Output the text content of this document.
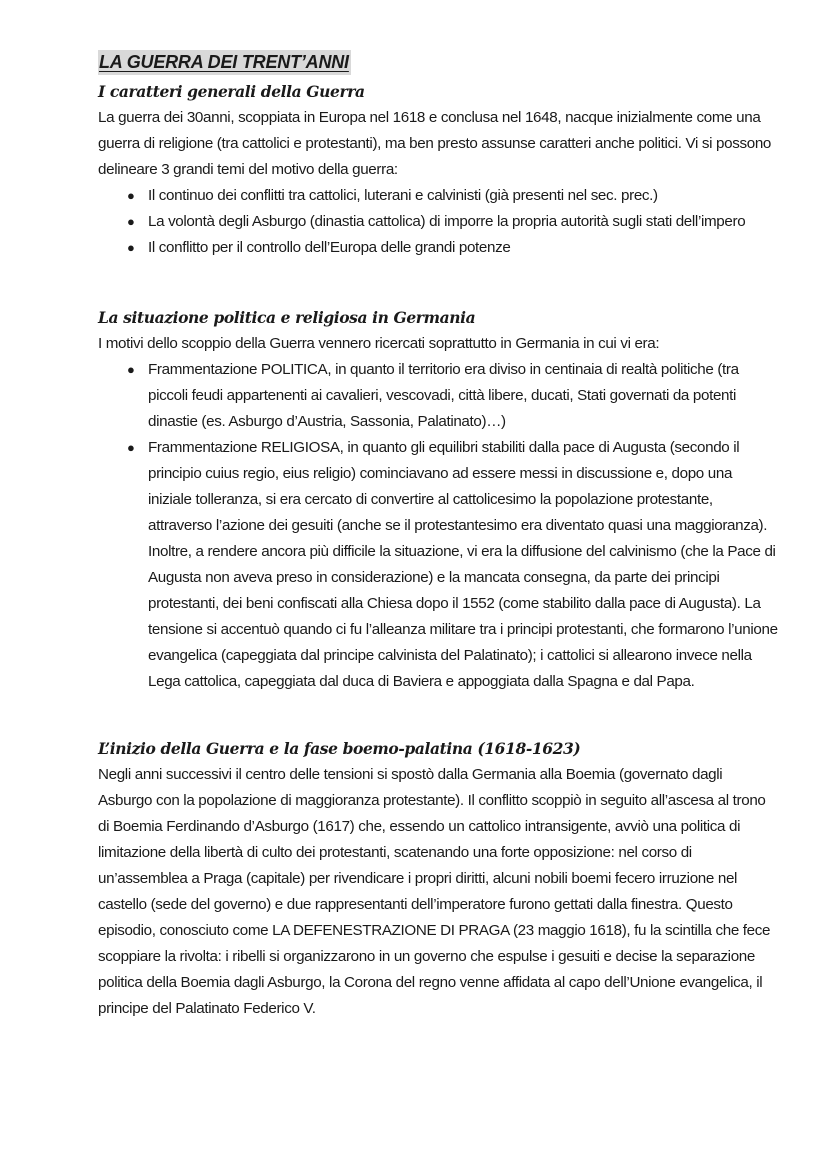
LA GUERRA DEI TRENT’ANNI
I caratteri generali della Guerra

La guerra dei 30anni, scoppiata in Europa nel 1618 e conclusa nel 1648, nacque inizialmente come una guerra di religione (tra cattolici e protestanti), ma ben presto assunse caratteri anche politici. Vi si possono delineare 3 grandi temi del motivo della guerra:

● Il continuo dei conflitti tra cattolici, luterani e calvinisti (già presenti nel sec. prec.)
● La volontà degli Asburgo (dinastia cattolica) di imporre la propria autorità sugli stati dell’impero
● Il conflitto per il controllo dell’Europa delle grandi potenze
La situazione politica e religiosa in Germania

I motivi dello scoppio della Guerra vennero ricercati soprattutto in Germania in cui vi era:

● Frammentazione POLITICA, in quanto il territorio era diviso in centinaia di realtà politiche (tra piccoli feudi appartenenti ai cavalieri, vescovadi, città libere, ducati, Stati governati da potenti dinastie (es. Asburgo d’Austria, Sassonia, Palatinato)…)
● Frammentazione RELIGIOSA, in quanto gli equilibri stabiliti dalla pace di Augusta (secondo il principio cuius regio, eius religio) cominciavano ad essere messi in discussione e, dopo una iniziale tolleranza, si era cercato di convertire al cattolicesimo la popolazione protestante, attraverso l’azione dei gesuiti (anche se il protestantesimo era diventato quasi una maggioranza). Inoltre, a rendere ancora più difficile la situazione, vi era la diffusione del calvinismo (che la Pace di Augusta non aveva preso in considerazione) e la mancata consegna, da parte dei principi protestanti, dei beni confiscati alla Chiesa dopo il 1552 (come stabilito dalla pace di Augusta). La tensione si accentuò quando ci fu l’alleanza militare tra i principi protestanti, che formarono l’unione evangelica (capeggiata dal principe calvinista del Palatinato); i cattolici si allearono invece nella Lega cattolica, capeggiata dal duca di Baviera e appoggiata dalla Spagna e dal Papa.
L’inizio della Guerra e la fase boemo-palatina (1618-1623)

Negli anni successivi il centro delle tensioni si spostò dalla Germania alla Boemia (governato dagli Asburgo con la popolazione di maggioranza protestante). Il conflitto scoppiò in seguito all’ascesa al trono di Boemia Ferdinando d’Asburgo (1617) che, essendo un cattolico intransigente, avviò una politica di limitazione della libertà di culto dei protestanti, scatenando una forte opposizione: nel corso di un’assemblea a Praga (capitale) per rivendicare i propri diritti, alcuni nobili boemi fecero irruzione nel castello (sede del governo) e due rappresentanti dell’imperatore furono gettati dalla finestra. Questo episodio, conosciuto come LA DEFENESTRAZIONE DI PRAGA (23 maggio 1618), fu la scintilla che fece scoppiare la rivolta: i ribelli si organizzarono in un governo che espulse i gesuiti e decise la separazione politica della Boemia dagli Asburgo, la Corona del regno venne affidata al capo dell’Unione evangelica, il principe del Palatinato Federico V.
